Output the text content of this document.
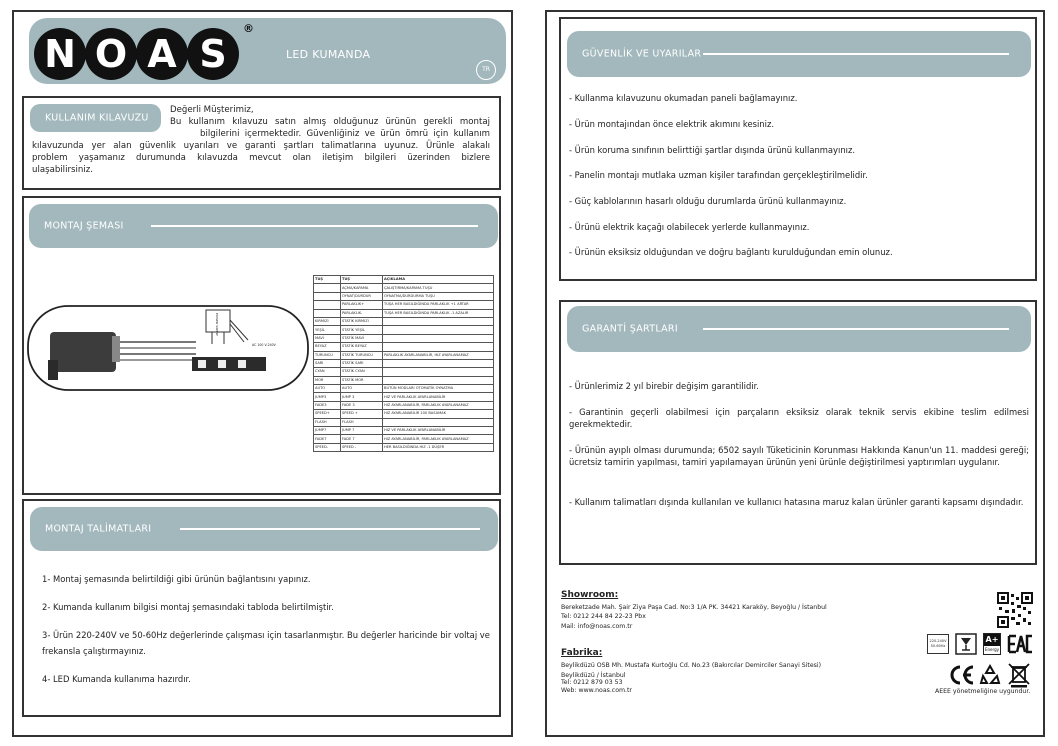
N O A S
®
LED KUMANDA
TR
KULLANIM KILAVUZU
Değerli Müşterimiz,
Bu kullanım kılavuzu satın almış olduğunuz ürünün gerekli montaj
bilgilerini içermektedir. Güvenliğiniz ve ürün ömrü için kullanım
kılavuzunda yer alan güvenlik uyarıları ve garanti şartları talimatlarına uyunuz. Ürünle alakalı
problem yaşamanız durumunda kılavuzda mevcut olan iletişim bilgileri üzerinden bizlere
ulaşabilirsiniz.
MONTAJ ŞEMASI
POWER SUPPLY
AC 100 V-240V
TUŞ	TUŞ	AÇIKLAMA
	AÇMA/KAPAMA	ÇALIŞTIRMA/KAPAMA TUŞU
	OYNAT/DURDUR	OYNATMA/DURDURMA TUŞU
	PARLAKLIK+	TUŞA HER BASILDIĞINDA PARLAKLIK +1 ARTAR
	PARLAKLIK-	TUŞA HER BASILDIĞINDA PARLAKLIK -1 AZALIR
KIRMIZI	STATİK KIRMIZI	
YEŞİL	STATİK YEŞİL	
MAVİ	STATİK MAVİ	
BEYAZ	STATİK BEYAZ	
TURUNCU	STATİK TURUNCU	PARLAKLIK AYARLANABİLİR, HIZ AYARLANAMAZ
SARI	STATİK SARI	
CYAN	STATİK CYAN	
MOR	STATİK MOR	
AUTO	AUTO	BÜTÜN MODLARI OTOMATİK OYNATMA
JUMP3	JUMP 3	HIZ VE PARLAKLIK AYARLANABİLİR
FADE3	FADE 3	HIZ AYARLANABİLİR, PARLAKLIK AYARLANAMAZ
SPEED+	SPEED +	HIZ AYARLANABİLİR 100 BASAMAK
FLASH	FLASH	
JUMP7	JUMP 7	HIZ VE PARLAKLIK AYARLANABİLİR
FADE7	FADE 7	HIZ AYARLANABİLİR, PARLAKLIK AYARLANAMAZ
SPEED-	SPEED -	HER BASILDIĞINDA HIZ -1 DÜŞER
MONTAJ TALİMATLARI
1- Montaj şemasında belirtildiği gibi ürünün bağlantısını yapınız.
2- Kumanda kullanım bilgisi montaj şemasındaki tabloda belirtilmiştir.
3- Ürün 220-240V ve 50-60Hz değerlerinde çalışması için tasarlanmıştır. Bu değerler haricinde bir voltaj ve
frekansla çalıştırmayınız.
4- LED Kumanda kullanıma hazırdır.
GÜVENLİK VE UYARILAR
- Kullanma kılavuzunu okumadan paneli bağlamayınız.
- Ürün montajından önce elektrik akımını kesiniz.
- Ürün koruma sınıfının belirttiği şartlar dışında ürünü kullanmayınız.
- Panelin montajı mutlaka uzman kişiler tarafından gerçekleştirilmelidir.
- Güç kablolarının hasarlı olduğu durumlarda ürünü kullanmayınız.
- Ürünü elektrik kaçağı olabilecek yerlerde kullanmayınız.
- Ürünün eksiksiz olduğundan ve doğru bağlantı kurulduğundan emin olunuz.
GARANTİ ŞARTLARI
- Ürünlerimiz 2 yıl birebir değişim garantilidir.
- Garantinin geçerli olabilmesi için parçaların eksiksiz olarak teknik servis ekibine teslim edilmesi gerekmektedir.
- Ürünün ayıplı olması durumunda; 6502 sayılı Tüketicinin Korunması Hakkında Kanun'un 11. maddesi gereği; ücretsiz tamirin yapılması, tamiri yapılamayan ürünün yeni ürünle değiştirilmesi yaptırımları uygulanır.
- Kullanım talimatları dışında kullanılan ve kullanıcı hatasına maruz kalan ürünler garanti kapsamı dışındadır.
Showroom:
Bereketzade Mah. Şair Ziya Paşa Cad. No:3 1/A PK. 34421 Karaköy, Beyoğlu / İstanbul
Tel: 0212 244 84 22-23 Pbx
Mail: info@noas.com.tr
Fabrika:
Beylikdüzü OSB Mh. Mustafa Kurtoğlu Cd. No.23 (Bakırcılar Demirciler Sanayi Sitesi)
Beylikdüzü / İstanbul
Tel: 0212 879 03 53
Web: www.noas.com.tr
220-240V 50-60Hz
A+
Energy
AEEE yönetmeliğine uygundur.
